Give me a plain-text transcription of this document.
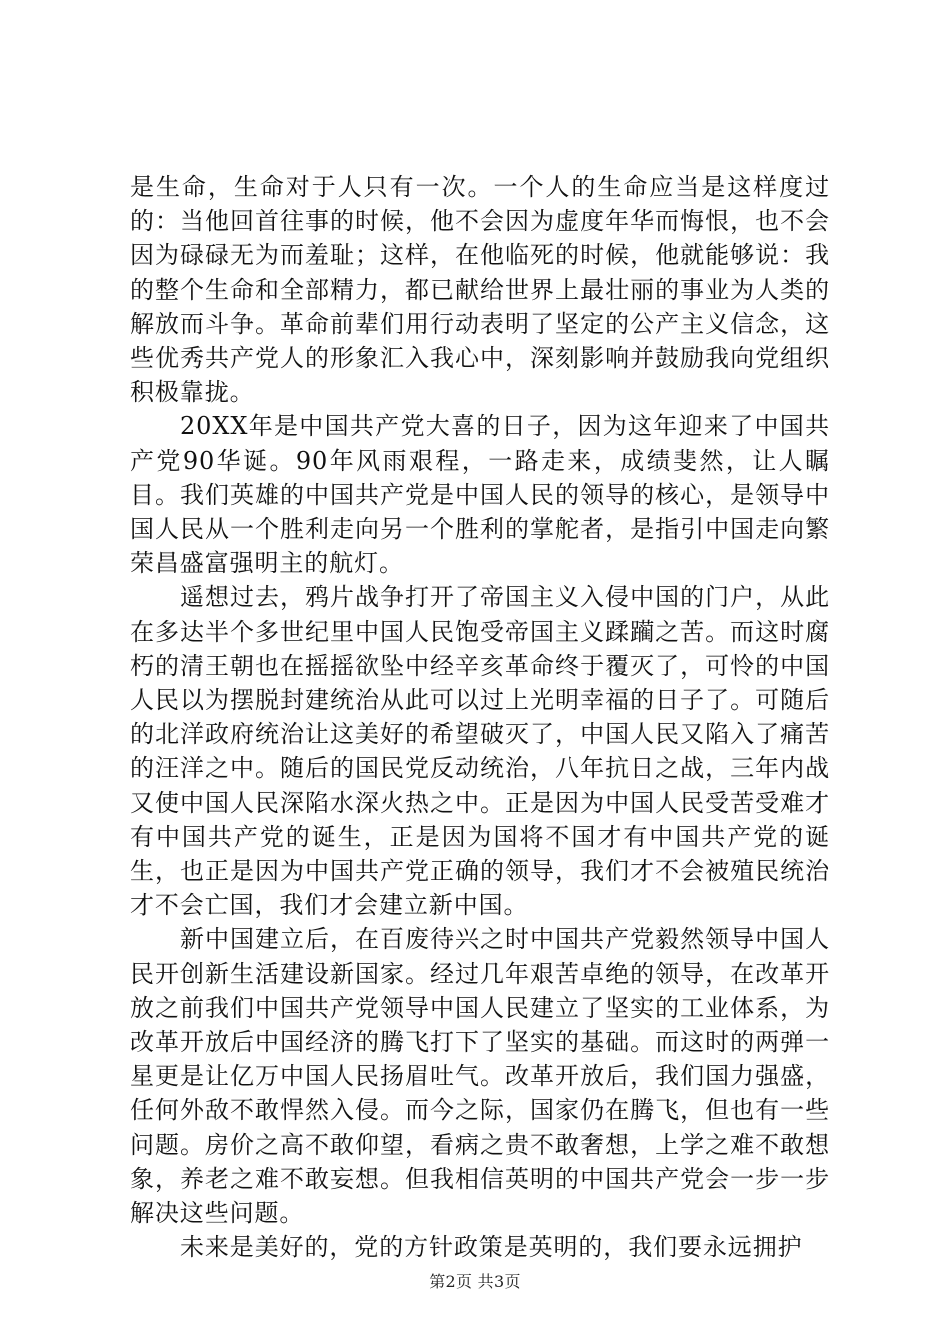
是生命，生命对于人只有一次。一个人的生命应当是这样度过的：当他回首往事的时候，他不会因为虚度年华而悔恨，也不会因为碌碌无为而羞耻；这样，在他临死的时候，他就能够说：我的整个生命和全部精力，都已献给世界上最壮丽的事业为人类的解放而斗争。革命前辈们用行动表明了坚定的公产主义信念，这些优秀共产党人的形象汇入我心中，深刻影响并鼓励我向党组织积极靠拢。

20XX年是中国共产党大喜的日子，因为这年迎来了中国共产党90华诞。90年风雨艰程，一路走来，成绩斐然，让人瞩目。我们英雄的中国共产党是中国人民的领导的核心，是领导中国人民从一个胜利走向另一个胜利的掌舵者，是指引中国走向繁荣昌盛富强明主的航灯。

遥想过去，鸦片战争打开了帝国主义入侵中国的门户，从此在多达半个多世纪里中国人民饱受帝国主义蹂躏之苦。而这时腐朽的清王朝也在摇摇欲坠中经辛亥革命终于覆灭了，可怜的中国人民以为摆脱封建统治从此可以过上光明幸福的日子了。可随后的北洋政府统治让这美好的希望破灭了，中国人民又陷入了痛苦的汪洋之中。随后的国民党反动统治，八年抗日之战，三年内战又使中国人民深陷水深火热之中。正是因为中国人民受苦受难才有中国共产党的诞生，正是因为国将不国才有中国共产党的诞生，也正是因为中国共产党正确的领导，我们才不会被殖民统治才不会亡国，我们才会建立新中国。

新中国建立后，在百废待兴之时中国共产党毅然领导中国人民开创新生活建设新国家。经过几年艰苦卓绝的领导，在改革开放之前我们中国共产党领导中国人民建立了坚实的工业体系，为改革开放后中国经济的腾飞打下了坚实的基础。而这时的两弹一星更是让亿万中国人民扬眉吐气。改革开放后，我们国力强盛，任何外敌不敢悍然入侵。而今之际，国家仍在腾飞，但也有一些问题。房价之高不敢仰望，看病之贵不敢奢想，上学之难不敢想象，养老之难不敢妄想。但我相信英明的中国共产党会一步一步解决这些问题。

未来是美好的，党的方针政策是英明的，我们要永远拥护

第2页 共3页
